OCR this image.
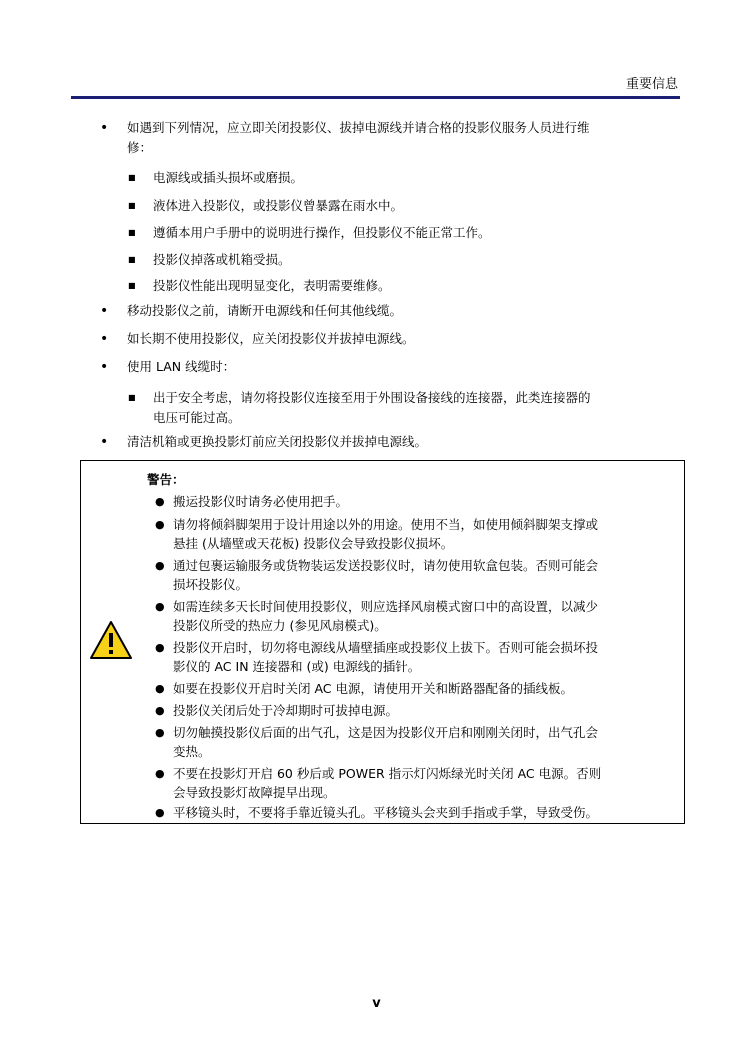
重要信息
• 如遇到下列情况，应立即关闭投影仪、拔掉电源线并请合格的投影仪服务人员进行维
修：
■ 电源线或插头损坏或磨损。
■ 液体进入投影仪，或投影仪曾暴露在雨水中。
■ 遵循本用户手册中的说明进行操作，但投影仪不能正常工作。
■ 投影仪掉落或机箱受损。
■ 投影仪性能出现明显变化，表明需要维修。
• 移动投影仪之前，请断开电源线和任何其他线缆。
• 如长期不使用投影仪，应关闭投影仪并拔掉电源线。
• 使用 LAN 线缆时：
■ 出于安全考虑，请勿将投影仪连接至用于外围设备接线的连接器，此类连接器的
电压可能过高。
• 清洁机箱或更换投影灯前应关闭投影仪并拔掉电源线。
警告：
● 搬运投影仪时请务必使用把手。
● 请勿将倾斜脚架用于设计用途以外的用途。使用不当，如使用倾斜脚架支撑或
悬挂 (从墙壁或天花板) 投影仪会导致投影仪损坏。
● 通过包裹运输服务或货物装运发送投影仪时，请勿使用软盒包装。否则可能会
损坏投影仪。
● 如需连续多天长时间使用投影仪，则应选择风扇模式窗口中的高设置，以减少
投影仪所受的热应力 (参见风扇模式)。
● 投影仪开启时，切勿将电源线从墙壁插座或投影仪上拔下。否则可能会损坏投
影仪的 AC IN 连接器和 (或) 电源线的插针。
● 如要在投影仪开启时关闭 AC 电源，请使用开关和断路器配备的插线板。
● 投影仪关闭后处于冷却期时可拔掉电源。
● 切勿触摸投影仪后面的出气孔，这是因为投影仪开启和刚刚关闭时，出气孔会
变热。
● 不要在投影灯开启 60 秒后或 POWER 指示灯闪烁绿光时关闭 AC 电源。否则
会导致投影灯故障提早出现。
● 平移镜头时，不要将手靠近镜头孔。平移镜头会夹到手指或手掌，导致受伤。
v
